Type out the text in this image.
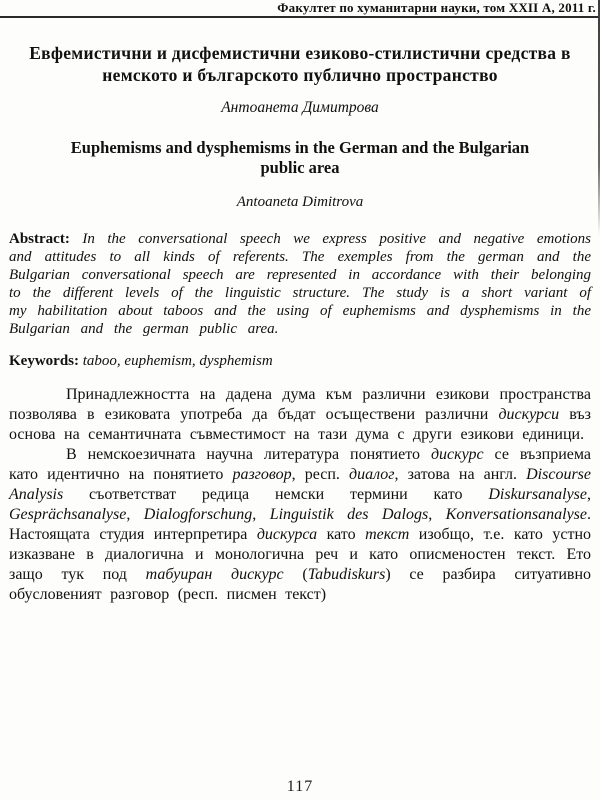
Факултет по хуманитарни науки, том XXII А, 2011 г.
Евфемистични и дисфемистични езиково-стилистични средства в немското и българското публично пространство
Антоанета Димитрова
Euphemisms and dysphemisms in the German and the Bulgarian public area
Antoaneta Dimitrova

Abstract: In the conversational speech we express positive and negative emotions and attitudes to all kinds of referents. The exemples from the german and the Bulgarian conversational speech are represented in accordance with their belonging to the different levels of the linguistic structure. The study is a short variant of my habilitation about taboos and the using of euphemisms and dysphemisms in the Bulgarian and the german public area.

Keywords: taboo, euphemism, dysphemism

Принадлежността на дадена дума към различни езикови пространства позволява в езиковата употреба да бъдат осъществени различни дискурси въз основа на семантичната съвместимост на тази дума с други езикови единици.

В немскоезичната научна литература понятието дискурс се възприема като идентично на понятието разговор, респ. диалог, затова на англ. Discourse Analysis съответстват редица немски термини като Diskursanalyse, Gesprächsanalyse, Dialogforschung, Linguistik des Dalogs, Konversationsanalyse. Настоящата студия интерпретира дискурса като текст изобщо, т.е. като устно изказване в диалогична и монологична реч и като описменостен текст. Ето защо тук под табуиран дискурс (Tabudiskurs) се разбира ситуативно обусловеният разговор (респ. писмен текст)

117
